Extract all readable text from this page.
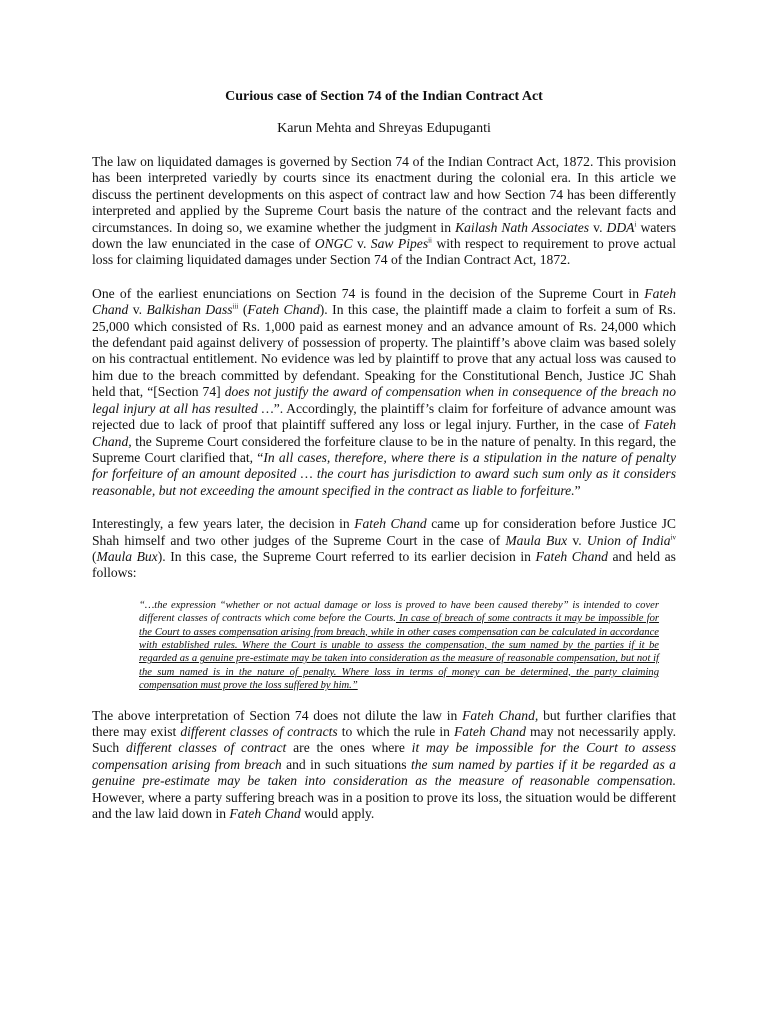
Curious case of Section 74 of the Indian Contract Act
Karun Mehta and Shreyas Edupuganti

The law on liquidated damages is governed by Section 74 of the Indian Contract Act, 1872. This provision has been interpreted variedly by courts since its enactment during the colonial era. In this article we discuss the pertinent developments on this aspect of contract law and how Section 74 has been differently interpreted and applied by the Supreme Court basis the nature of the contract and the relevant facts and circumstances. In doing so, we examine whether the judgment in Kailash Nath Associates v. DDA$^i$ waters down the law enunciated in the case of ONGC v. Saw Pipes$^{ii}$ with respect to requirement to prove actual loss for claiming liquidated damages under Section 74 of the Indian Contract Act, 1872.

One of the earliest enunciations on Section 74 is found in the decision of the Supreme Court in Fateh Chand v. Balkishan Dass$^{iii}$ (Fateh Chand). In this case, the plaintiff made a claim to forfeit a sum of Rs. 25,000 which consisted of Rs. 1,000 paid as earnest money and an advance amount of Rs. 24,000 which the defendant paid against delivery of possession of property. The plaintiff’s above claim was based solely on his contractual entitlement. No evidence was led by plaintiff to prove that any actual loss was caused to him due to the breach committed by defendant. Speaking for the Constitutional Bench, Justice JC Shah held that, “[Section 74] does not justify the award of compensation when in consequence of the breach no legal injury at all has resulted …”. Accordingly, the plaintiff’s claim for forfeiture of advance amount was rejected due to lack of proof that plaintiff suffered any loss or legal injury. Further, in the case of Fateh Chand, the Supreme Court considered the forfeiture clause to be in the nature of penalty. In this regard, the Supreme Court clarified that, “In all cases, therefore, where there is a stipulation in the nature of penalty for forfeiture of an amount deposited … the court has jurisdiction to award such sum only as it considers reasonable, but not exceeding the amount specified in the contract as liable to forfeiture.”

Interestingly, a few years later, the decision in Fateh Chand came up for consideration before Justice JC Shah himself and two other judges of the Supreme Court in the case of Maula Bux v. Union of India$^{iv}$ (Maula Bux). In this case, the Supreme Court referred to its earlier decision in Fateh Chand and held as follows:

“…the expression “whether or not actual damage or loss is proved to have been caused thereby” is intended to cover different classes of contracts which come before the Courts. In case of breach of some contracts it may be impossible for the Court to asses compensation arising from breach, while in other cases compensation can be calculated in accordance with established rules. Where the Court is unable to assess the compensation, the sum named by the parties if it be regarded as a genuine pre-estimate may be taken into consideration as the measure of reasonable compensation, but not if the sum named is in the nature of penalty. Where loss in terms of money can be determined, the party claiming compensation must prove the loss suffered by him.”

The above interpretation of Section 74 does not dilute the law in Fateh Chand, but further clarifies that there may exist different classes of contracts to which the rule in Fateh Chand may not necessarily apply. Such different classes of contract are the ones where it may be impossible for the Court to assess compensation arising from breach and in such situations the sum named by parties if it be regarded as a genuine pre-estimate may be taken into consideration as the measure of reasonable compensation. However, where a party suffering breach was in a position to prove its loss, the situation would be different and the law laid down in Fateh Chand would apply.
